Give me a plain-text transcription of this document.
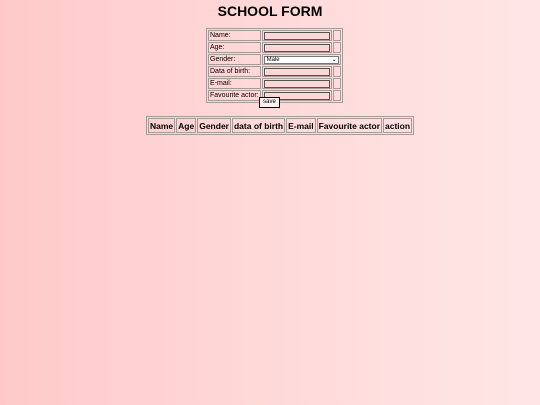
SCHOOL FORM
Name:	

Age:	

Gender:	Male ⌄	

Data of birth:	

E-mail:	

Favourite actor:	

save
Name	Age	Gender	data of birth	E-mail	Favourite actor	action
